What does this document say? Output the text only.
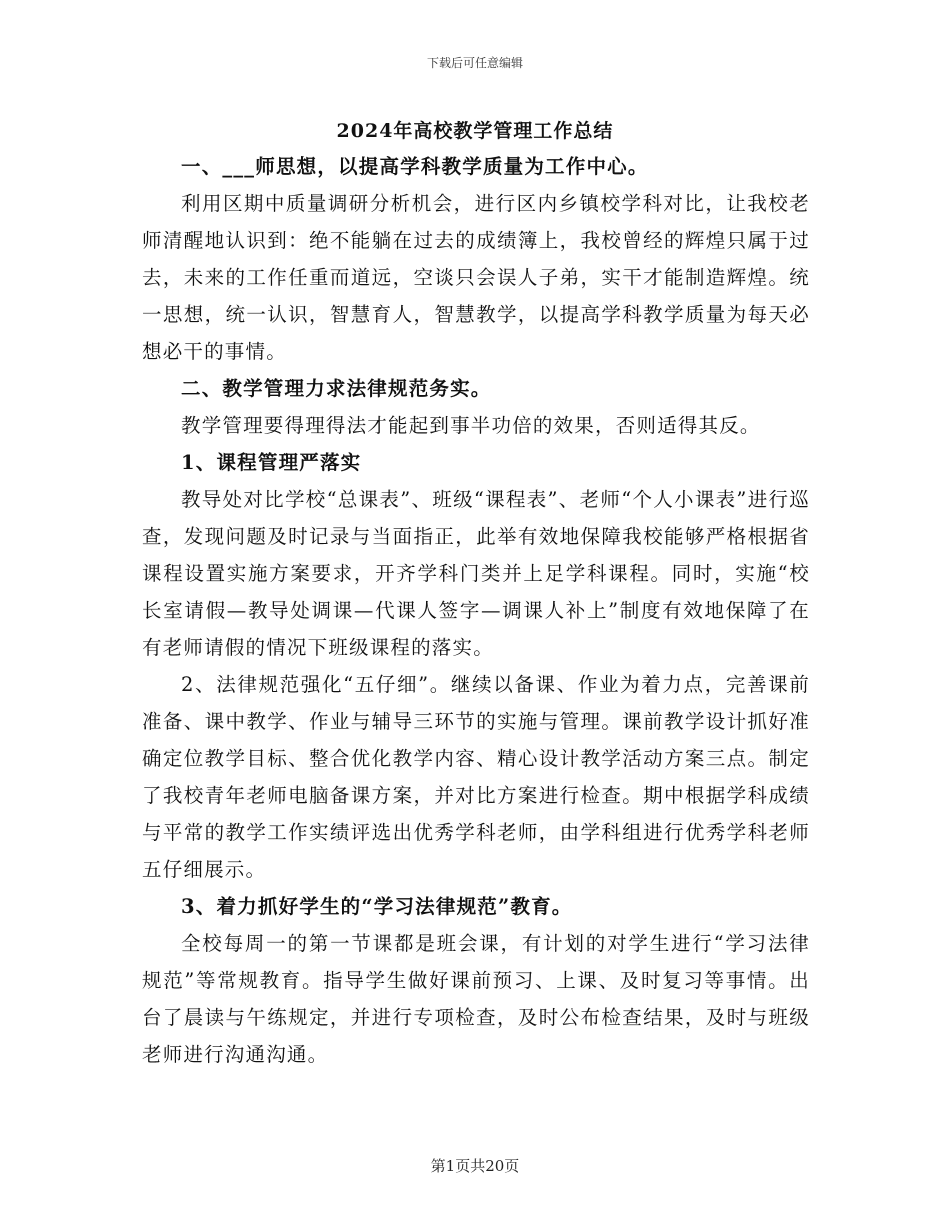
下载后可任意编辑
2024年高校教学管理工作总结

一、___师思想，以提高学科教学质量为工作中心。

利用区期中质量调研分析机会，进行区内乡镇校学科对比，让我校老师清醒地认识到：绝不能躺在过去的成绩簿上，我校曾经的辉煌只属于过去，未来的工作任重而道远，空谈只会误人子弟，实干才能制造辉煌。统一思想，统一认识，智慧育人，智慧教学，以提高学科教学质量为每天必想必干的事情。

二、教学管理力求法律规范务实。

教学管理要得理得法才能起到事半功倍的效果，否则适得其反。

1、课程管理严落实

教导处对比学校“总课表”、班级“课程表”、老师“个人小课表”进行巡查，发现问题及时记录与当面指正，此举有效地保障我校能够严格根据省课程设置实施方案要求，开齐学科门类并上足学科课程。同时，实施“校长室请假—教导处调课—代课人签字—调课人补上”制度有效地保障了在有老师请假的情况下班级课程的落实。

2、法律规范强化“五仔细”。继续以备课、作业为着力点，完善课前准备、课中教学、作业与辅导三环节的实施与管理。课前教学设计抓好准确定位教学目标、整合优化教学内容、精心设计教学活动方案三点。制定了我校青年老师电脑备课方案，并对比方案进行检查。期中根据学科成绩与平常的教学工作实绩评选出优秀学科老师，由学科组进行优秀学科老师五仔细展示。

3、着力抓好学生的“学习法律规范”教育。

全校每周一的第一节课都是班会课，有计划的对学生进行“学习法律规范”等常规教育。指导学生做好课前预习、上课、及时复习等事情。出台了晨读与午练规定，并进行专项检查，及时公布检查结果，及时与班级老师进行沟通沟通。

第1页共20页
